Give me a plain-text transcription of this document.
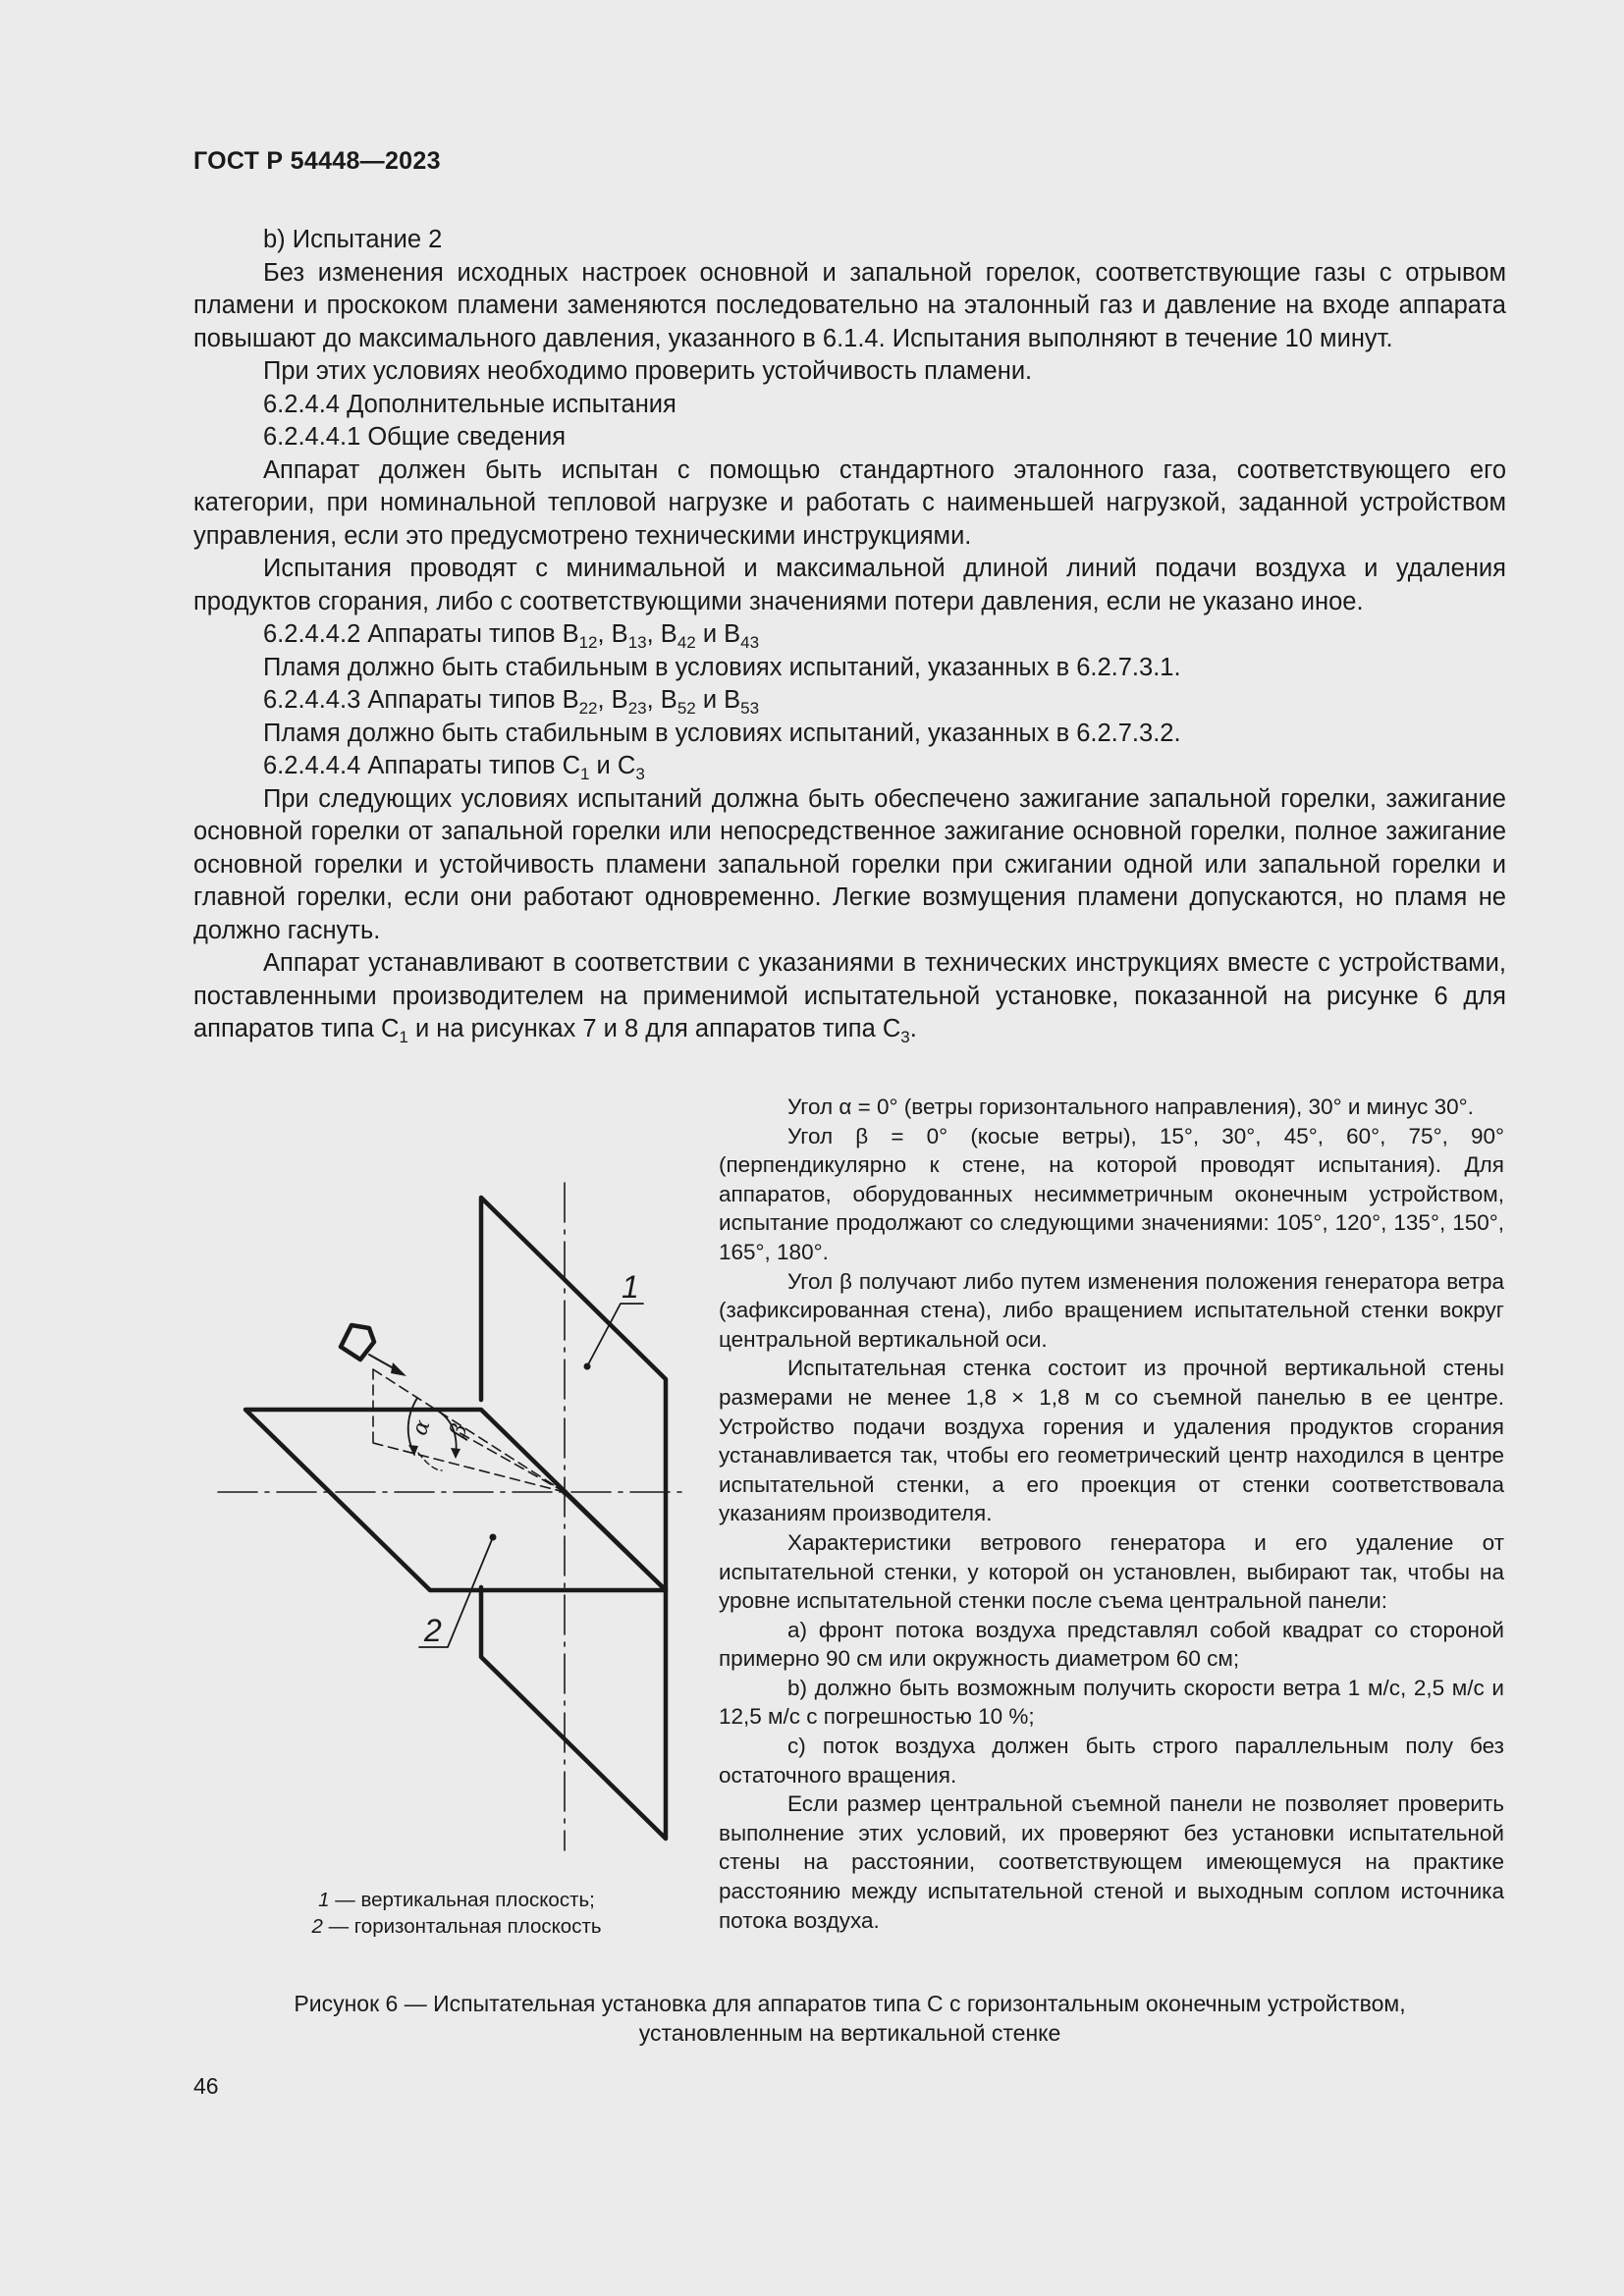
ГОСТ Р 54448—2023

b) Испытание 2

Без изменения исходных настроек основной и запальной горелок, соответствующие газы с отрывом пламени и проскоком пламени заменяются последовательно на эталонный газ и давление на входе аппарата повышают до максимального давления, указанного в 6.1.4. Испытания выполняют в течение 10 минут.

При этих условиях необходимо проверить устойчивость пламени.

6.2.4.4 Дополнительные испытания

6.2.4.4.1 Общие сведения

Аппарат должен быть испытан с помощью стандартного эталонного газа, соответствующего его категории, при номинальной тепловой нагрузке и работать с наименьшей нагрузкой, заданной устройством управления, если это предусмотрено техническими инструкциями.

Испытания проводят с минимальной и максимальной длиной линий подачи воздуха и удаления продуктов сгорания, либо с соответствующими значениями потери давления, если не указано иное.

6.2.4.4.2 Аппараты типов $В_{12}$, $В_{13}$, $В_{42}$ и $В_{43}$

Пламя должно быть стабильным в условиях испытаний, указанных в 6.2.7.3.1.

6.2.4.4.3 Аппараты типов $В_{22}$, $В_{23}$, $В_{52}$ и $В_{53}$

Пламя должно быть стабильным в условиях испытаний, указанных в 6.2.7.3.2.

6.2.4.4.4 Аппараты типов $С_1$ и $С_3$

При следующих условиях испытаний должна быть обеспечено зажигание запальной горелки, зажигание основной горелки от запальной горелки или непосредственное зажигание основной горелки, полное зажигание основной горелки и устойчивость пламени запальной горелки при сжигании одной или запальной горелки и главной горелки, если они работают одновременно. Легкие возмущения пламени допускаются, но пламя не должно гаснуть.

Аппарат устанавливают в соответствии с указаниями в технических инструкциях вместе с устройствами, поставленными производителем на применимой испытательной установке, показанной на рисунке 6 для аппаратов типа $С_1$ и на рисунках 7 и 8 для аппаратов типа $С_3$.

1
2
α β
1 — вертикальная плоскость;
2 — горизонтальная плоскость

Угол α = 0° (ветры горизонтального направления), 30° и минус 30°.

Угол β = 0° (косые ветры), 15°, 30°, 45°, 60°, 75°, 90° (перпендикулярно к стене, на которой проводят испытания). Для аппаратов, оборудованных несимметричным оконечным устройством, испытание продолжают со следующими значениями: 105°, 120°, 135°, 150°, 165°, 180°.

Угол β получают либо путем изменения положения генератора ветра (зафиксированная стена), либо вращением испытательной стенки вокруг центральной вертикальной оси.

Испытательная стенка состоит из прочной вертикальной стены размерами не менее 1,8 × 1,8 м со съемной панелью в ее центре. Устройство подачи воздуха горения и удаления продуктов сгорания устанавливается так, чтобы его геометрический центр находился в центре испытательной стенки, а его проекция от стенки соответствовала указаниям производителя.

Характеристики ветрового генератора и его удаление от испытательной стенки, у которой он установлен, выбирают так, чтобы на уровне испытательной стенки после съема центральной панели:

a) фронт потока воздуха представлял собой квадрат со стороной примерно 90 см или окружность диаметром 60 см;

b) должно быть возможным получить скорости ветра 1 м/с, 2,5 м/с и 12,5 м/с с погрешностью 10 %;

c) поток воздуха должен быть строго параллельным полу без остаточного вращения.

Если размер центральной съемной панели не позволяет проверить выполнение этих условий, их проверяют без установки испытательной стены на расстоянии, соответствующем имеющемуся на практике расстоянию между испытательной стеной и выходным соплом источника потока воздуха.

Рисунок 6 — Испытательная установка для аппаратов типа С с горизонтальным оконечным устройством,
установленным на вертикальной стенке
46
